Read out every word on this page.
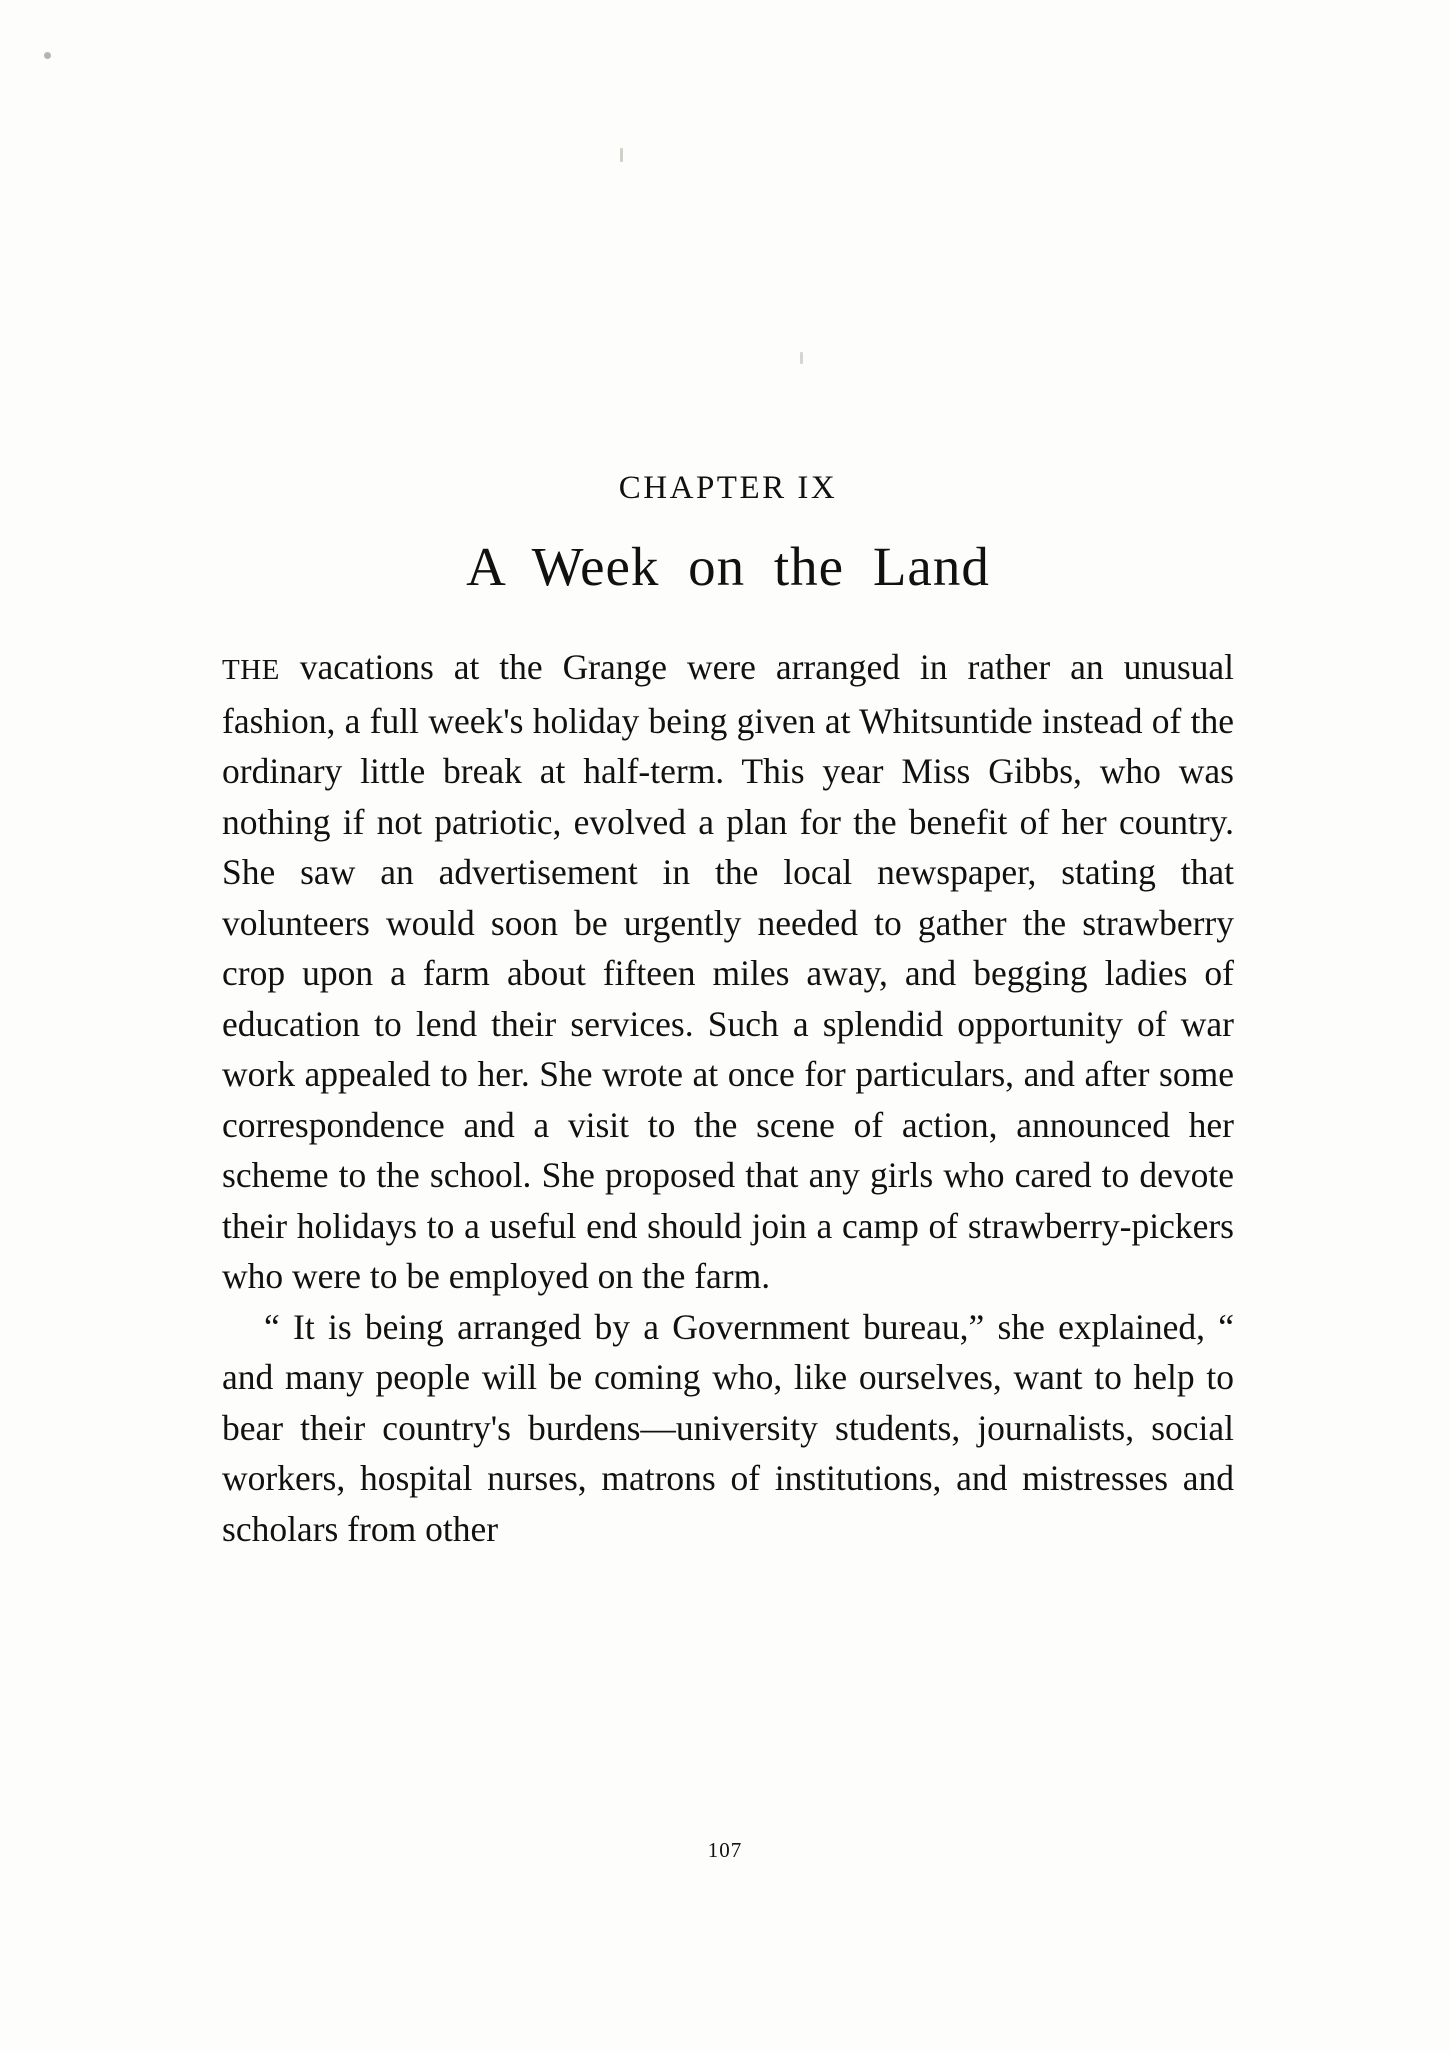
CHAPTER IX
A Week on the Land

THE vacations at the Grange were arranged in rather an unusual fashion, a full week's holiday being given at Whitsuntide instead of the ordinary little break at half-term. This year Miss Gibbs, who was nothing if not patriotic, evolved a plan for the benefit of her country. She saw an advertisement in the local newspaper, stating that volunteers would soon be urgently needed to gather the strawberry crop upon a farm about fifteen miles away, and begging ladies of education to lend their services. Such a splendid opportunity of war work appealed to her. She wrote at once for particulars, and after some correspondence and a visit to the scene of action, announced her scheme to the school. She proposed that any girls who cared to devote their holidays to a useful end should join a camp of strawberry-pickers who were to be employed on the farm.

“ It is being arranged by a Government bureau,” she explained, “ and many people will be coming who, like ourselves, want to help to bear their country's burdens—university students, journalists, social workers, hospital nurses, matrons of institutions, and mistresses and scholars from other

107
